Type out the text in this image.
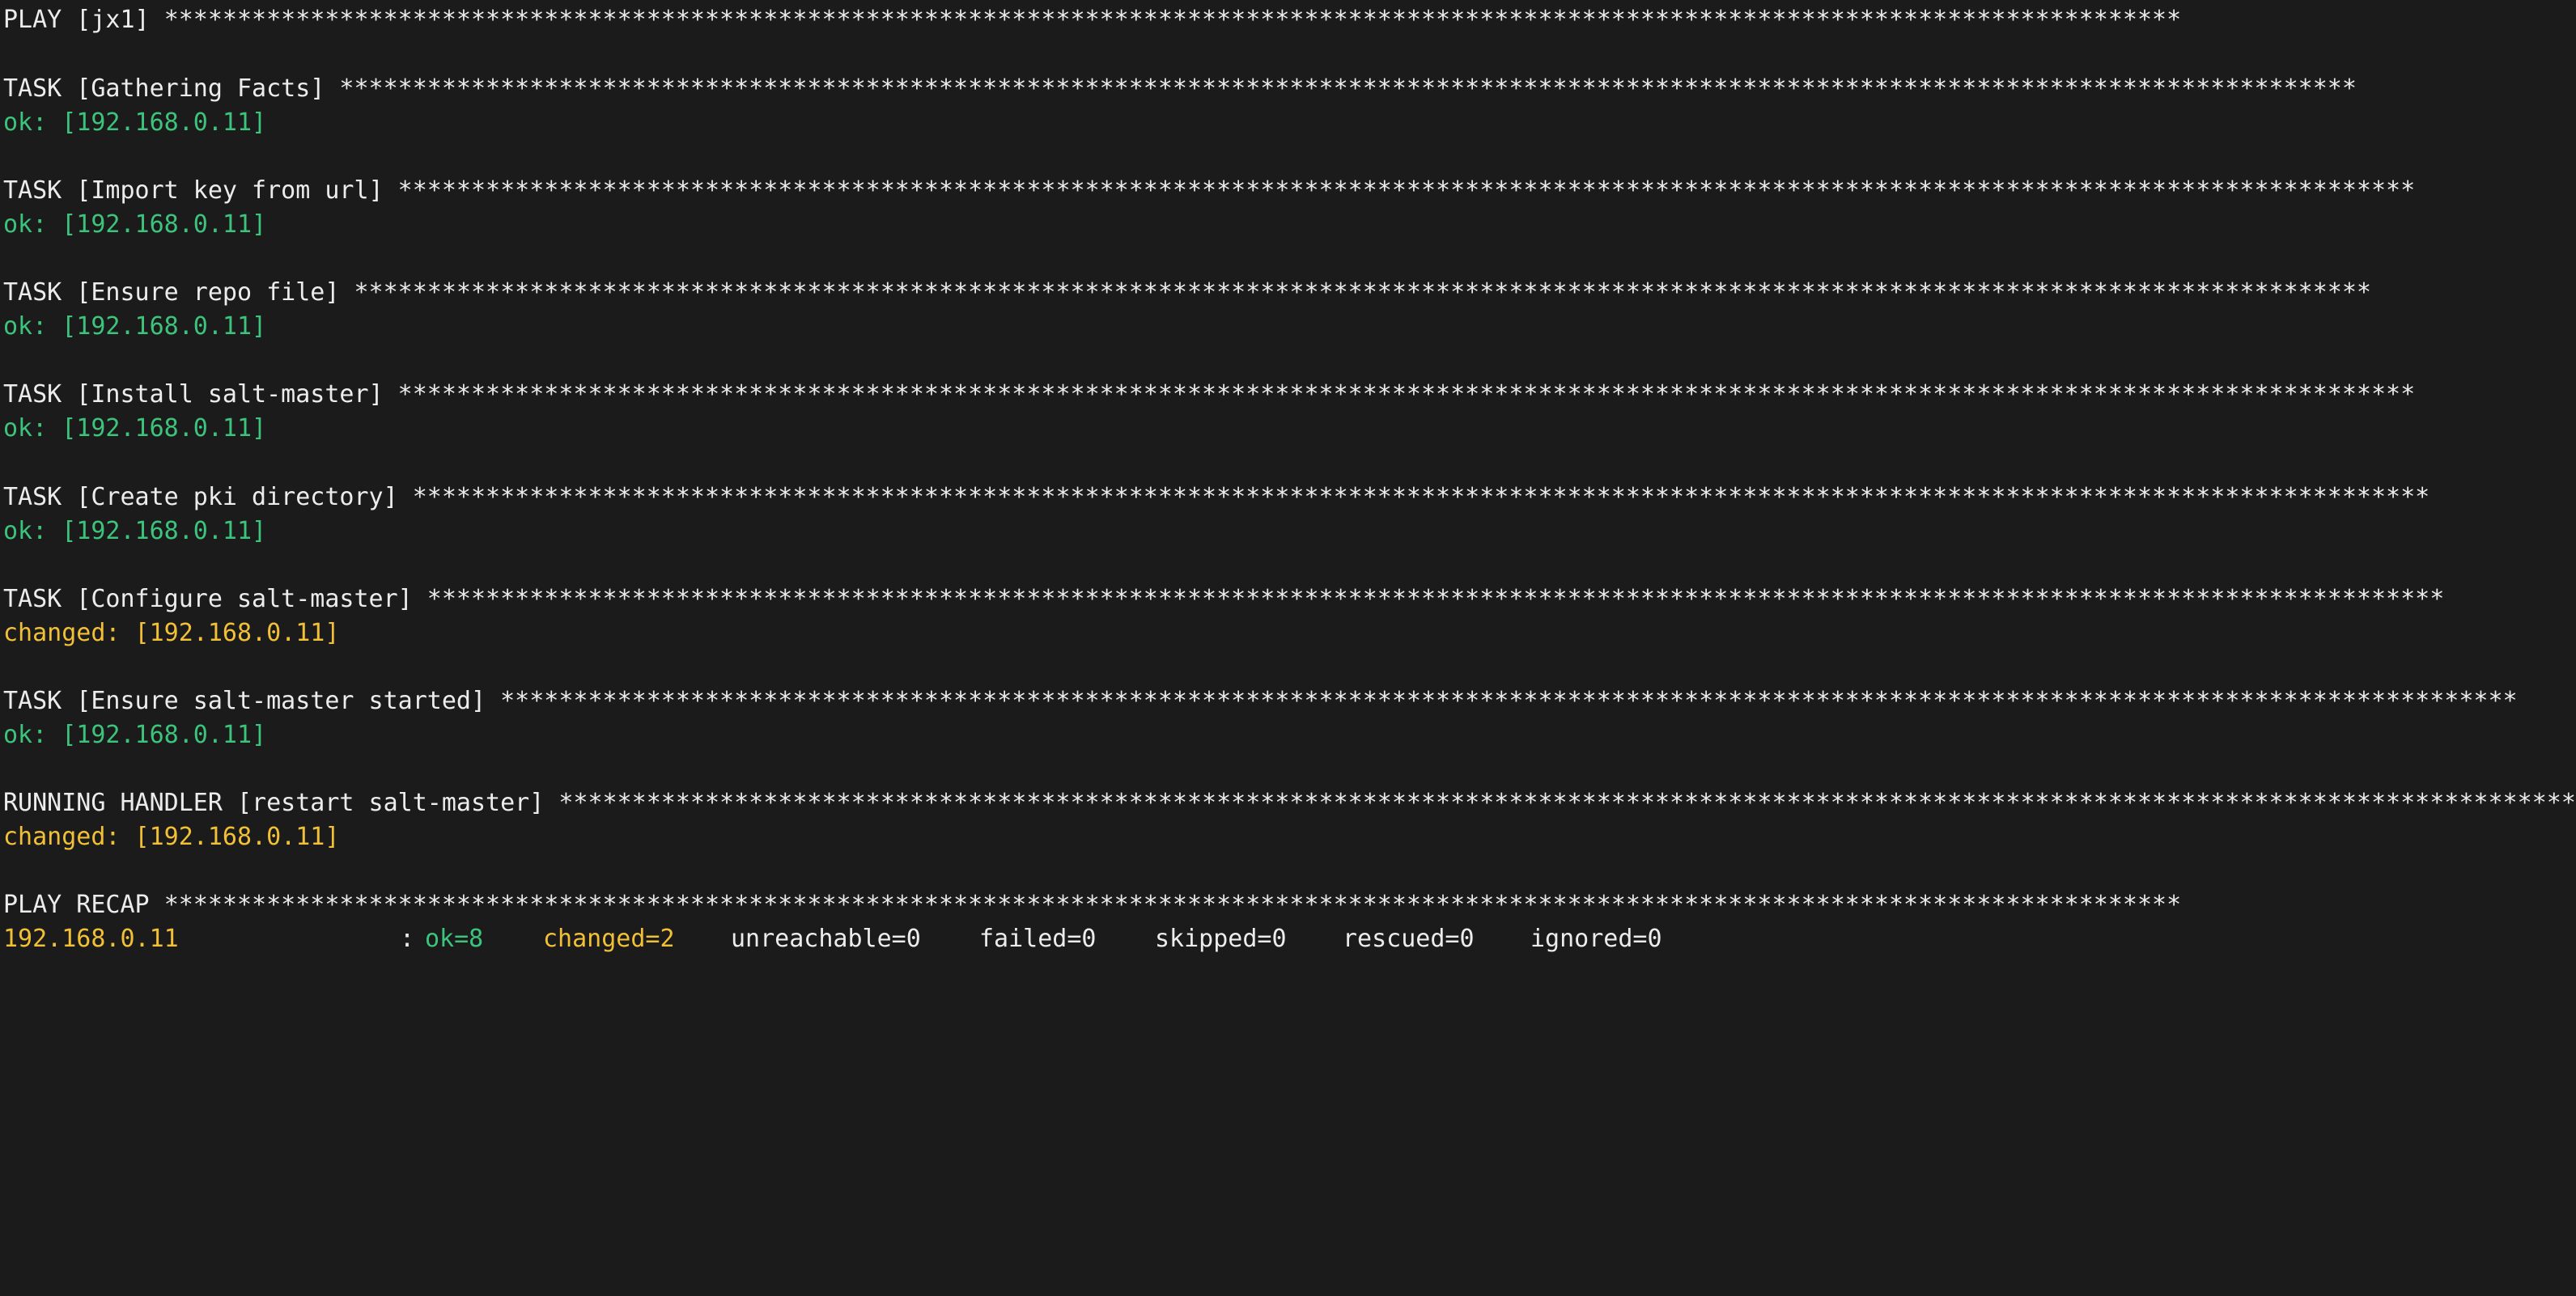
PLAY [jx1] ******************************************************************************************************************************************
TASK [Gathering Facts] ******************************************************************************************************************************************
ok: [192.168.0.11]
TASK [Import key from url] ******************************************************************************************************************************************
ok: [192.168.0.11]
TASK [Ensure repo file] ******************************************************************************************************************************************
ok: [192.168.0.11]
TASK [Install salt-master] ******************************************************************************************************************************************
ok: [192.168.0.11]
TASK [Create pki directory] ******************************************************************************************************************************************
ok: [192.168.0.11]
TASK [Configure salt-master] ******************************************************************************************************************************************
changed: [192.168.0.11]
TASK [Ensure salt-master started] ******************************************************************************************************************************************
ok: [192.168.0.11]
RUNNING HANDLER [restart salt-master] ******************************************************************************************************************************************
changed: [192.168.0.11]
PLAY RECAP ******************************************************************************************************************************************

192.168.0.11

	:

ok=8

changed=2

unreachable=0

failed=0

skipped=0

rescued=0

ignored=0
